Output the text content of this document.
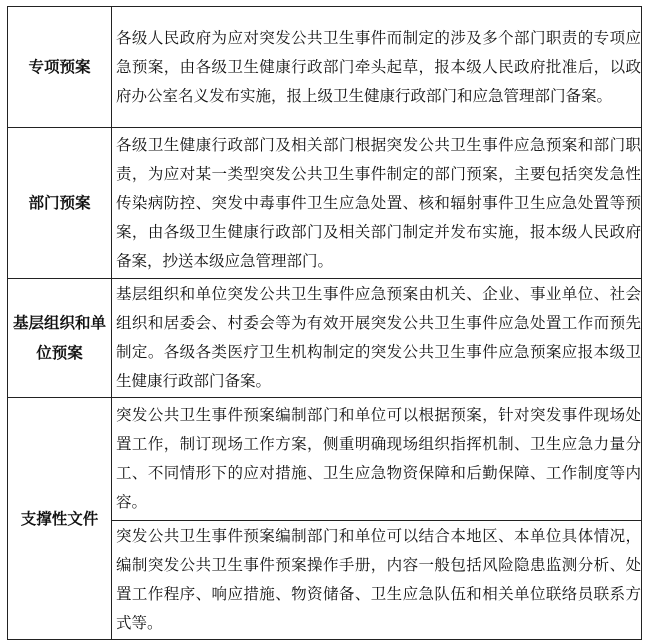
专项预案	各级人民政府为应对突发公共卫生事件而制定的涉及多个部门职责的专项应急预案，由各级卫生健康行政部门牵头起草，报本级人民政府批准后，以政府办公室名义发布实施，报上级卫生健康行政部门和应急管理部门备案。
部门预案	各级卫生健康行政部门及相关部门根据突发公共卫生事件应急预案和部门职责，为应对某一类型突发公共卫生事件制定的部门预案，主要包括突发急性传染病防控、突发中毒事件卫生应急处置、核和辐射事件卫生应急处置等预案，由各级卫生健康行政部门及相关部门制定并发布实施，报本级人民政府备案，抄送本级应急管理部门。
基层组织和单位预案	基层组织和单位突发公共卫生事件应急预案由机关、企业、事业单位、社会组织和居委会、村委会等为有效开展突发公共卫生事件应急处置工作而预先制定。各级各类医疗卫生机构制定的突发公共卫生事件应急预案应报本级卫生健康行政部门备案。
支撑性文件	突发公共卫生事件预案编制部门和单位可以根据预案，针对突发事件现场处置工作，制订现场工作方案，侧重明确现场组织指挥机制、卫生应急力量分工、不同情形下的应对措施、卫生应急物资保障和后勤保障、工作制度等内容。
	突发公共卫生事件预案编制部门和单位可以结合本地区、本单位具体情况，编制突发公共卫生事件预案操作手册，内容一般包括风险隐患监测分析、处置工作程序、响应措施、物资储备、卫生应急队伍和相关单位联络员联系方式等。
